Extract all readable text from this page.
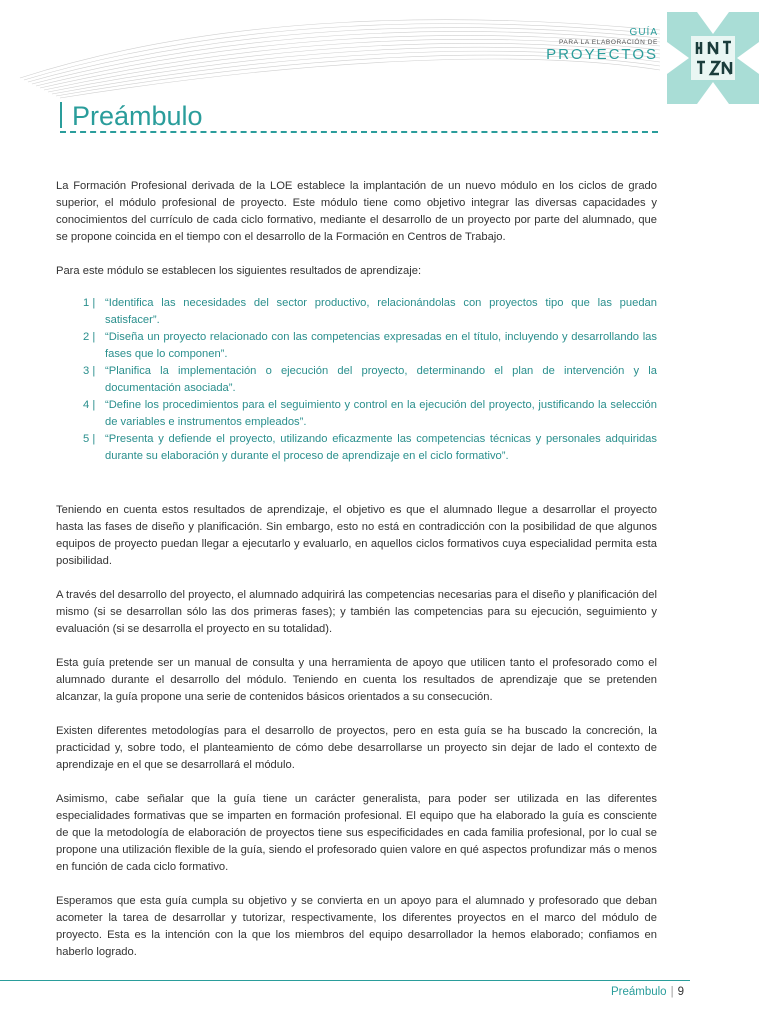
GUÍA
PARA LA ELABORACIÓN DE
PROYECTOS
Preámbulo

La Formación Profesional derivada de la LOE establece la implantación de un nuevo módulo en los ciclos de grado superior, el módulo profesional de proyecto. Este módulo tiene como objetivo integrar las diversas capacidades y conocimientos del currículo de cada ciclo formativo, mediante el desarrollo de un proyecto por parte del alumnado, que se propone coincida en el tiempo con el desarrollo de la Formación en Centros de Trabajo.

Para este módulo se establecen los siguientes resultados de aprendizaje:

1 | “Identifica las necesidades del sector productivo, relacionándolas con proyectos tipo que las puedan satisfacer”.
2 | “Diseña un proyecto relacionado con las competencias expresadas en el título, incluyendo y desarrollando las fases que lo componen”.
3 | “Planifica la implementación o ejecución del proyecto, determinando el plan de intervención y la documentación asociada”.
4 | “Define los procedimientos para el seguimiento y control en la ejecución del proyecto, justificando la selección de variables e instrumentos empleados”.
5 | “Presenta y defiende el proyecto, utilizando eficazmente las competencias técnicas y personales adquiridas durante su elaboración y durante el proceso de aprendizaje en el ciclo formativo”.

Teniendo en cuenta estos resultados de aprendizaje, el objetivo es que el alumnado llegue a desarrollar el proyecto hasta las fases de diseño y planificación. Sin embargo, esto no está en contradicción con la posibilidad de que algunos equipos de proyecto puedan llegar a ejecutarlo y evaluarlo, en aquellos ciclos formativos cuya especialidad permita esta posibilidad.

A través del desarrollo del proyecto, el alumnado adquirirá las competencias necesarias para el diseño y planificación del mismo (si se desarrollan sólo las dos primeras fases); y también las competencias para su ejecución, seguimiento y evaluación (si se desarrolla el proyecto en su totalidad).

Esta guía pretende ser un manual de consulta y una herramienta de apoyo que utilicen tanto el profesorado como el alumnado durante el desarrollo del módulo. Teniendo en cuenta los resultados de aprendizaje que se pretenden alcanzar, la guía propone una serie de contenidos básicos orientados a su consecución.

Existen diferentes metodologías para el desarrollo de proyectos, pero en esta guía se ha buscado la concreción, la practicidad y, sobre todo, el planteamiento de cómo debe desarrollarse un proyecto sin dejar de lado el contexto de aprendizaje en el que se desarrollará el módulo.

Asimismo, cabe señalar que la guía tiene un carácter generalista, para poder ser utilizada en las diferentes especialidades formativas que se imparten en formación profesional. El equipo que ha elaborado la guía es consciente de que la metodología de elaboración de proyectos tiene sus especificidades en cada familia profesional, por lo cual se propone una utilización flexible de la guía, siendo el profesorado quien valore en qué aspectos profundizar más o menos en función de cada ciclo formativo.

Esperamos que esta guía cumpla su objetivo y se convierta en un apoyo para el alumnado y profesorado que deban acometer la tarea de desarrollar y tutorizar, respectivamente, los diferentes proyectos en el marco del módulo de proyecto. Esta es la intención con la que los miembros del equipo desarrollador la hemos elaborado; confiamos en haberlo logrado.

Preámbulo | 9
